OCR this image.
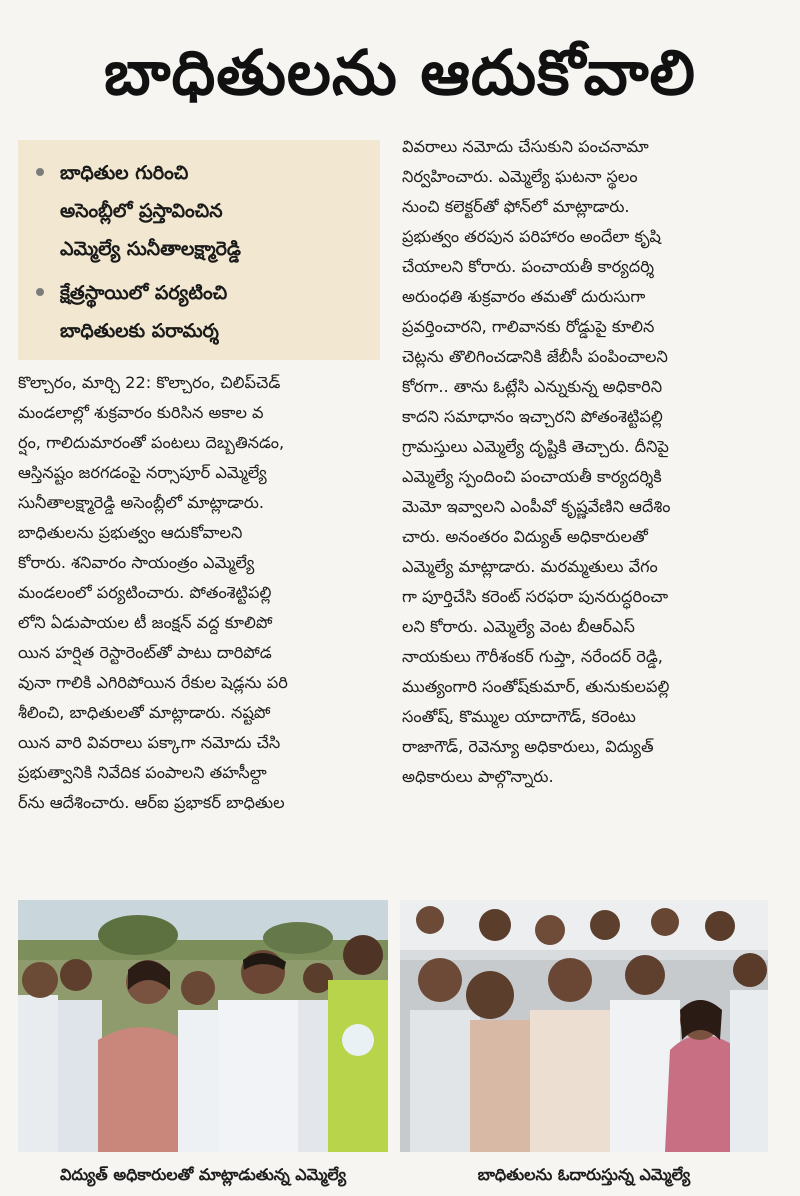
బాధితులను ఆదుకోవాలి
బాధితుల గురించి
అసెంబ్లీలో ప్రస్తావించిన
ఎమ్మెల్యే సునీతాలక్ష్మారెడ్డి
క్షేత్రస్థాయిలో పర్యటించి
బాధితులకు పరామర్శ
కొల్చారం, మార్చి 22: కొల్చారం, చిలిప్‌చెడ్
మండలాల్లో శుక్రవారం కురిసిన అకాల వ
ర్షం, గాలిదుమారంతో పంటలు దెబ్బతినడం,
ఆస్తినష్టం జరగడంపై నర్సాపూర్ ఎమ్మెల్యే
సునీతాలక్ష్మారెడ్డి అసెంబ్లీలో మాట్లాడారు.
బాధితులను ప్రభుత్వం ఆదుకోవాలని
కోరారు. శనివారం సాయంత్రం ఎమ్మెల్యే
మండలంలో పర్యటించారు. పోతంశెట్టిపల్లి
లోని ఏడుపాయల టీ జంక్షన్ వద్ద కూలిపో
యిన హర్షిత రెస్టారెంట్‌తో పాటు దారిపోడ
వునా గాలికి ఎగిరిపోయిన రేకుల షెడ్లను పరి
శీలించి, బాధితులతో మాట్లాడారు. నష్టపో
యిన వారి వివరాలు పక్కాగా నమోదు చేసి
ప్రభుత్వానికి నివేదిక పంపాలని తహసీల్దా
ర్‌ను ఆదేశించారు. ఆర్ఐ ప్రభాకర్ బాధితుల
వివరాలు నమోదు చేసుకుని పంచనామా
నిర్వహించారు. ఎమ్మెల్యే ఘటనా స్థలం
నుంచి కలెక్టర్‌తో ఫోన్‌లో మాట్లాడారు.
ప్రభుత్వం తరపున పరిహారం అందేలా కృషి
చేయాలని కోరారు. పంచాయతీ కార్యదర్శి
అరుంధతి శుక్రవారం తమతో దురుసుగా
ప్రవర్తించారని, గాలివానకు రోడ్డుపై కూలిన
చెట్లను తొలిగించడానికి జేబీసీ పంపించాలని
కోరగా.. తాను ఓట్లేసి ఎన్నుకున్న అధికారిని
కాదని సమాధానం ఇచ్చారని పోతంశెట్టిపల్లి
గ్రామస్తులు ఎమ్మెల్యే దృష్టికి తెచ్చారు. దీనిపై
ఎమ్మెల్యే స్పందించి పంచాయతీ కార్యదర్శికి
మెమో ఇవ్వాలని ఎంపీవో కృష్ణవేణిని ఆదేశిం
చారు. అనంతరం విద్యుత్ అధికారులతో
ఎమ్మెల్యే మాట్లాడారు. మరమ్మతులు వేగం
గా పూర్తిచేసి కరెంట్ సరఫరా పునరుద్ధరించా
లని కోరారు. ఎమ్మెల్యే వెంట బీఆర్ఎస్
నాయకులు గౌరీశంకర్ గుప్తా, నరేందర్ రెడ్డి,
ముత్యంగారి సంతోష్‌కుమార్, తునుకులపల్లి
సంతోష్, కొమ్ముల యాదాగౌడ్, కరెంటు
రాజాగౌడ్, రెవెన్యూ అధికారులు, విద్యుత్
అధికారులు పాల్గొన్నారు.
విద్యుత్ అధికారులతో మాట్లాడుతున్న ఎమ్మెల్యే	బాధితులను ఓదారుస్తున్న ఎమ్మెల్యే
